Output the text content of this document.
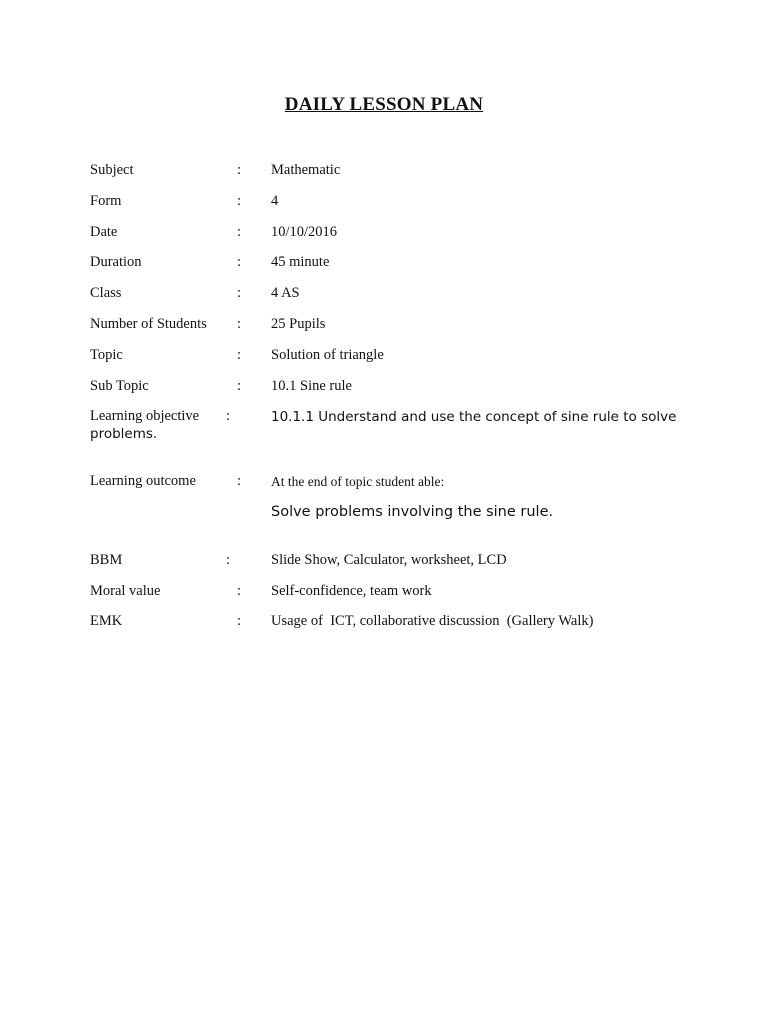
DAILY LESSON PLAN
Subject	: Mathematic
Form	: 4
Date	: 10/10/2016
Duration	: 45 minute
Class	: 4 AS
Number of Students : 25 Pupils
Topic	: Solution of triangle
Sub Topic	: 10.1 Sine rule
Learning objective :	10.1.1 Understand and use the concept of sine rule to solve
problems.
Learning outcome	: At the end of topic student able:
Solve problems involving the sine rule.
BBM	:	Slide Show, Calculator, worksheet, LCD
Moral value	: Self-confidence, team work
EMK	: Usage of  ICT, collaborative discussion  (Gallery Walk)
